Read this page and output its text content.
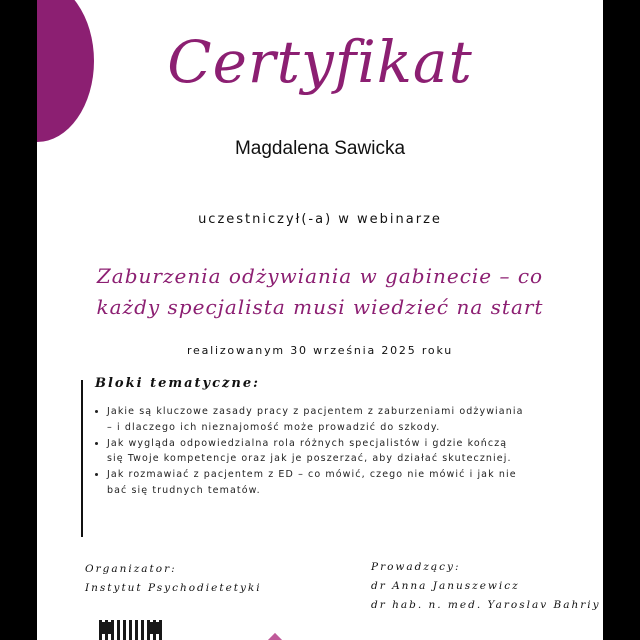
Certyfikat
Magdalena Sawicka
uczestniczył(-a) w webinarze
Zaburzenia odżywiania w gabinecie – co
każdy specjalista musi wiedzieć na start
realizowanym 30 września 2025 roku
Bloki tematyczne:
• Jakie są kluczowe zasady pracy z pacjentem z zaburzeniami odżywiania – i dlaczego ich nieznajomość może prowadzić do szkody.
• Jak wygląda odpowiedzialna rola różnych specjalistów i gdzie kończą się Twoje kompetencje oraz jak je poszerzać, aby działać skuteczniej.
• Jak rozmawiać z pacjentem z ED – co mówić, czego nie mówić i jak nie bać się trudnych tematów.
Organizator:
Instytut Psychodietetyki
Prowadzący:
dr Anna Januszewicz
dr hab. n. med. Yaroslav Bahriy
